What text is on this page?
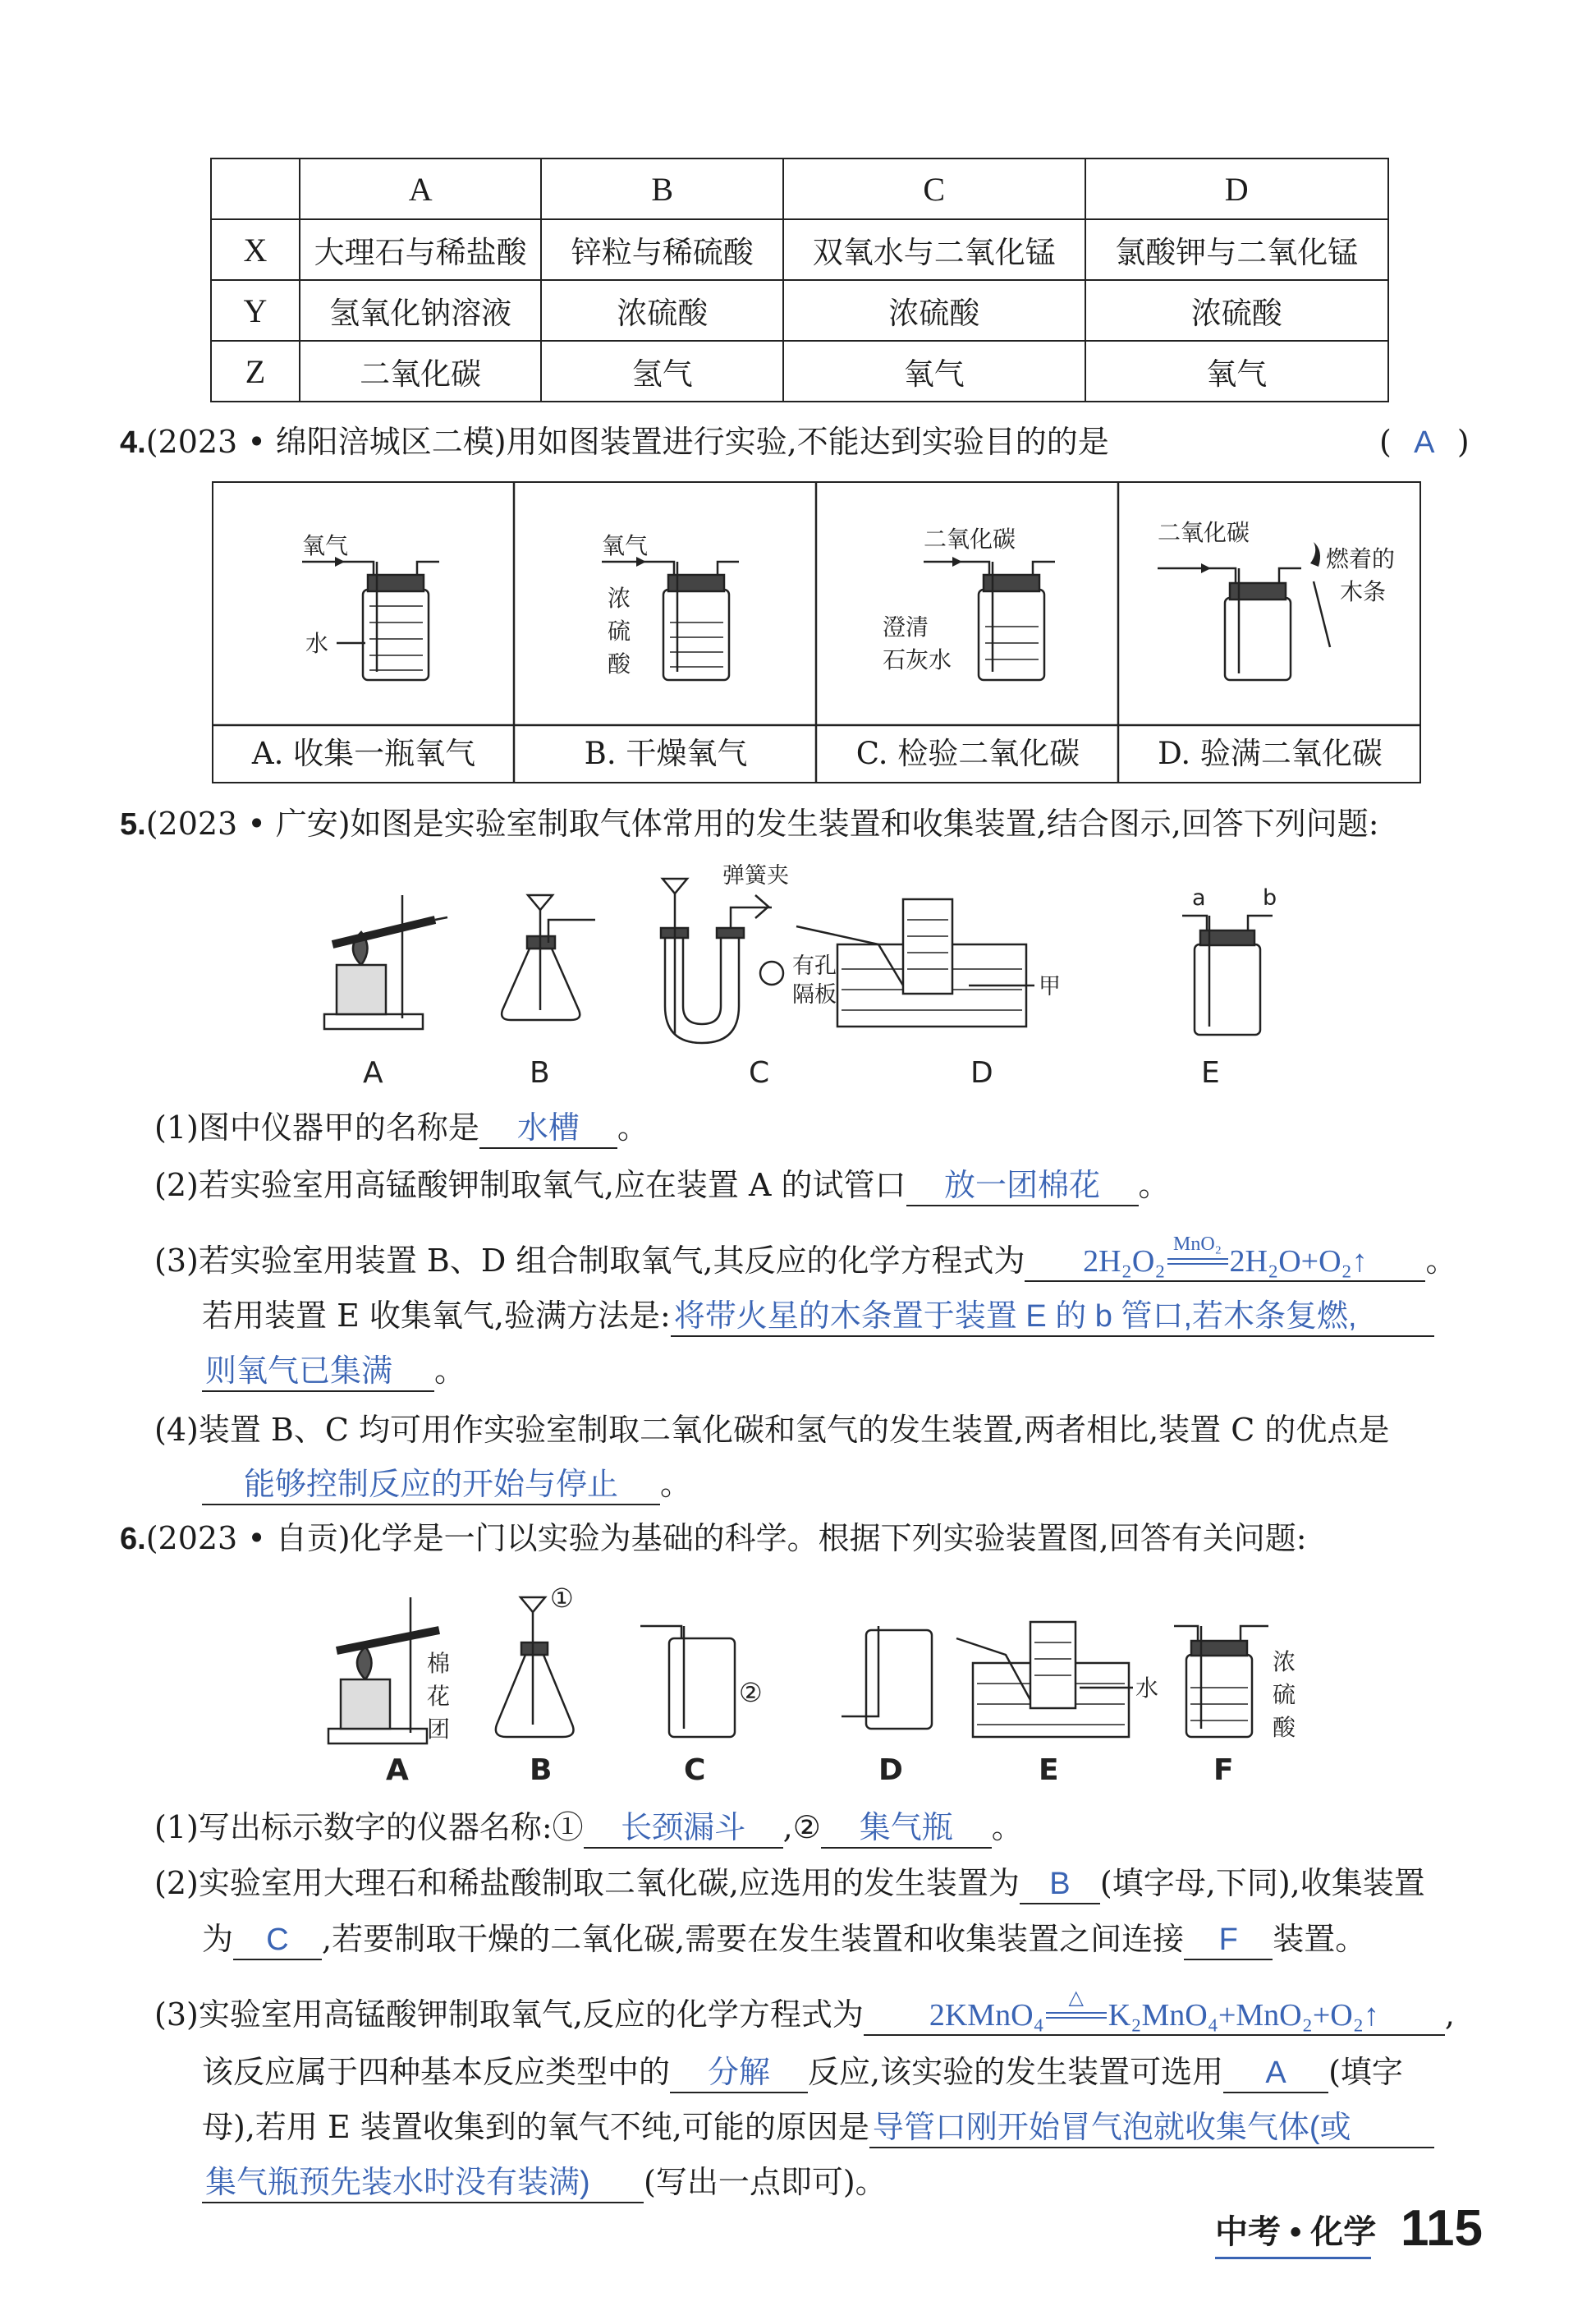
	A	B	C	D
X	大理石与稀盐酸	锌粒与稀硫酸	双氧水与二氧化锰	氯酸钾与二氧化锰
Y	氢氧化钠溶液	浓硫酸	浓硫酸	浓硫酸
Z	二氧化碳	氢气	氧气	氧气
4.(2023 • 绵阳涪城区二模)用如图装置进行实验,不能达到实验目的的是	( A )
氧气
水
氧气
浓
硫
酸
二氧化碳
澄清
石灰水
二氧化碳
燃着的
木条
A. 收集一瓶氧气	B. 干燥氧气	C. 检验二氧化碳	D. 验满二氧化碳
5.(2023 • 广安)如图是实验室制取气体常用的发生装置和收集装置,结合图示,回答下列问题:
弹簧夹
有孔
隔板	甲
a	b
A	B	C	D	E
(1)图中仪器甲的名称是 水槽 。
(2)若实验室用高锰酸钾制取氧气,应在装置 A 的试管口 放一团棉花 。
(3)若实验室用装置 B、D 组合制取氧气,其反应的化学方程式为 2H₂O₂ MnO₂ 2H₂O+O₂↑ 。
若用装置 E 收集氧气,验满方法是: 将带火星的木条置于装置 E 的 b 管口,若木条复燃,
则氧气已集满 。
(4)装置 B、C 均可用作实验室制取二氧化碳和氢气的发生装置,两者相比,装置 C 的优点是
能够控制反应的开始与停止 。
6.(2023 • 自贡)化学是一门以实验为基础的科学。根据下列实验装置图,回答有关问题:
①
②
棉
花
团
水
浓
硫
酸
A	B	C	D	E	F
(1)写出标示数字的仪器名称:① 长颈漏斗 ,② 集气瓶 。
(2)实验室用大理石和稀盐酸制取二氧化碳,应选用的发生装置为 B (填字母,下同),收集装置
为 C ,若要制取干燥的二氧化碳,需要在发生装置和收集装置之间连接 F 装置。
(3)实验室用高锰酸钾制取氧气,反应的化学方程式为 2KMnO₄	△ K₂MnO₄+MnO₂+O₂↑ ,
该反应属于四种基本反应类型中的 分解 反应,该实验的发生装置可选用 A (填字
母),若用 E 装置收集到的氧气不纯,可能的原因是 导管口刚开始冒气泡就收集气体(或
集气瓶预先装水时没有装满) (写出一点即可)。
中考 • 化学 115
